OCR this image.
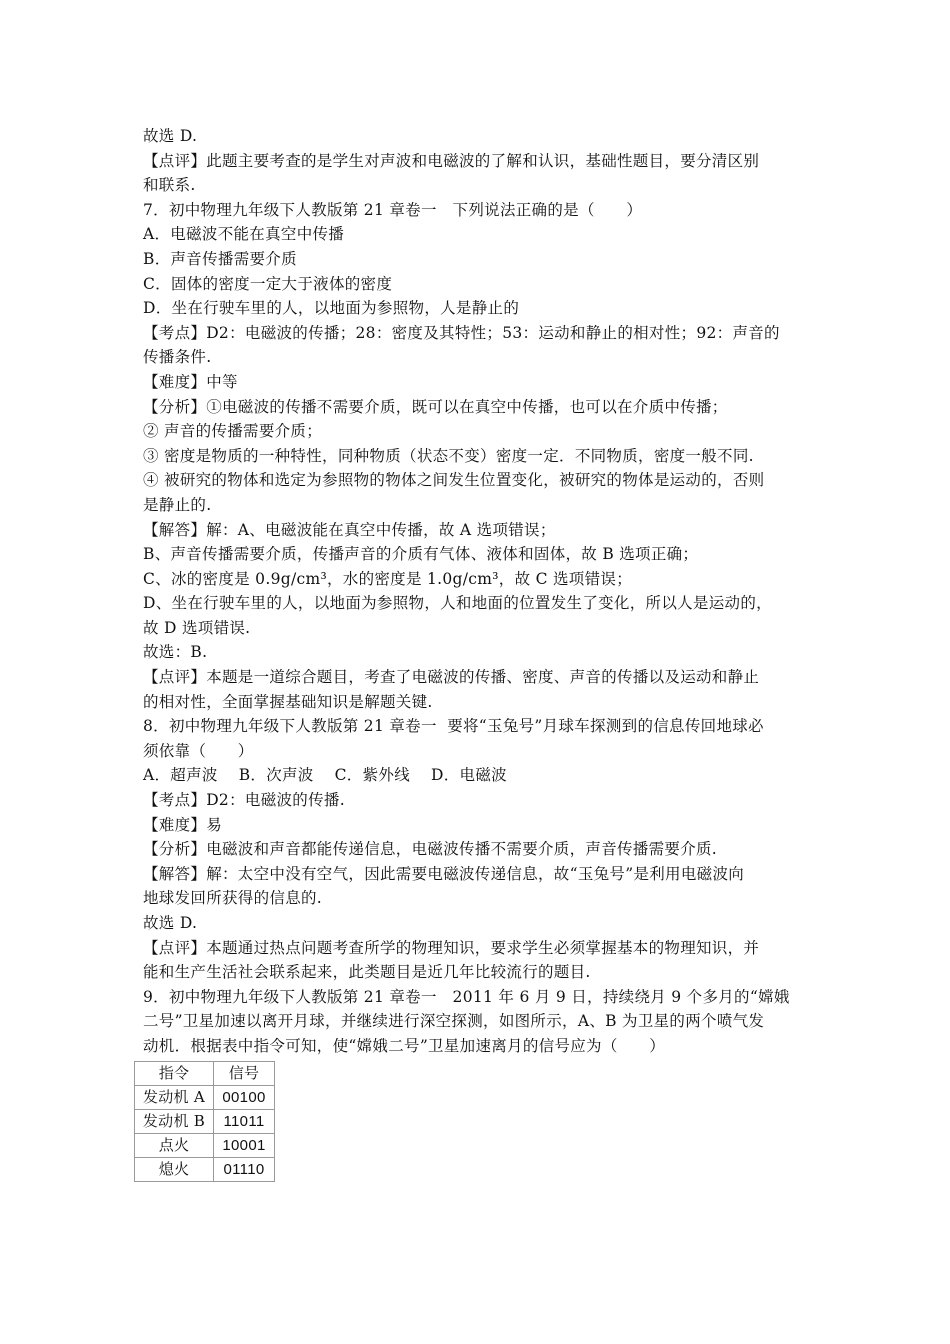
故选 D.
【点评】此题主要考查的是学生对声波和电磁波的了解和认识，基础性题目，要分清区别
和联系.
7．初中物理九年级下人教版第 21 章卷一　下列说法正确的是（　　）
A．电磁波不能在真空中传播
B．声音传播需要介质
C．固体的密度一定大于液体的密度
D．坐在行驶车里的人，以地面为参照物，人是静止的
【考点】D2：电磁波的传播；28：密度及其特性；53：运动和静止的相对性；92：声音的
传播条件.
【难度】中等
【分析】①电磁波的传播不需要介质，既可以在真空中传播，也可以在介质中传播；
② 声音的传播需要介质；
③ 密度是物质的一种特性，同种物质（状态不变）密度一定．不同物质，密度一般不同.
④ 被研究的物体和选定为参照物的物体之间发生位置变化，被研究的物体是运动的，否则
是静止的.
【解答】解：A、电磁波能在真空中传播，故 A 选项错误；
B、声音传播需要介质，传播声音的介质有气体、液体和固体，故 B 选项正确；
C、冰的密度是 0.9g/cm³，水的密度是 1.0g/cm³，故 C 选项错误；
D、坐在行驶车里的人，以地面为参照物，人和地面的位置发生了变化，所以人是运动的，
故 D 选项错误.
故选：B.
【点评】本题是一道综合题目，考查了电磁波的传播、密度、声音的传播以及运动和静止
的相对性，全面掌握基础知识是解题关键.
8．初中物理九年级下人教版第 21 章卷一  要将“玉兔号”月球车探测到的信息传回地球必
须依靠（　　）
A．超声波　 B．次声波　 C．紫外线　 D．电磁波
【考点】D2：电磁波的传播.
【难度】易
【分析】电磁波和声音都能传递信息，电磁波传播不需要介质，声音传播需要介质.
【解答】解：太空中没有空气，因此需要电磁波传递信息，故“玉兔号”是利用电磁波向
地球发回所获得的信息的.
故选 D.
【点评】本题通过热点问题考查所学的物理知识，要求学生必须掌握基本的物理知识，并
能和生产生活社会联系起来，此类题目是近几年比较流行的题目.
9．初中物理九年级下人教版第 21 章卷一　2011 年 6 月 9 日，持续绕月 9 个多月的“嫦娥
二号”卫星加速以离开月球，并继续进行深空探测，如图所示，A、B 为卫星的两个喷气发
动机．根据表中指令可知，使“嫦娥二号”卫星加速离月的信号应为（　　）
指令	信号
发动机 A	00100
发动机 B	11011
点火	10001
熄火	01110
